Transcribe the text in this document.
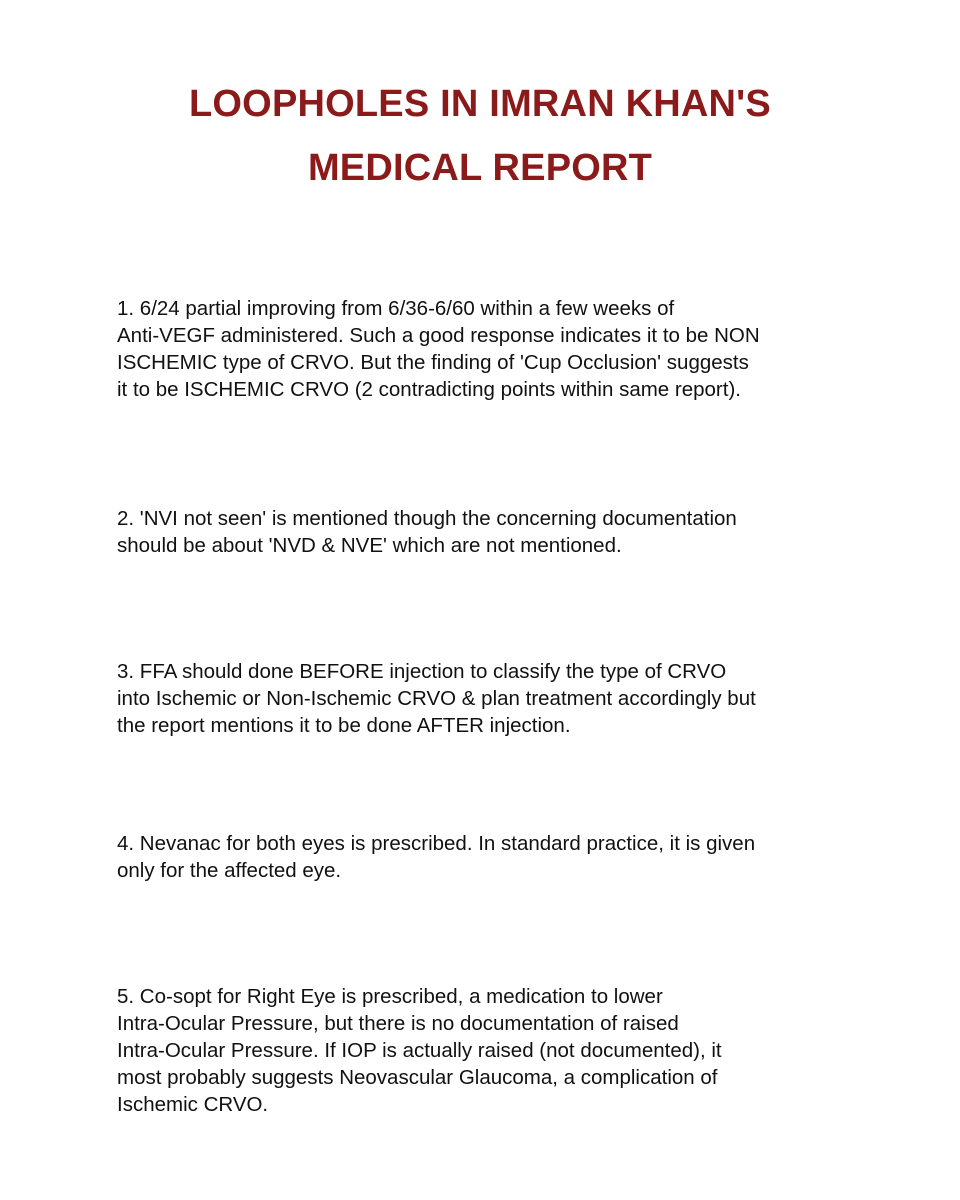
LOOPHOLES IN IMRAN KHAN'S
MEDICAL REPORT

1. 6/24 partial improving from 6/36-6/60 within a few weeks of
Anti-VEGF administered. Such a good response indicates it to be NON
ISCHEMIC type of CRVO. But the finding of 'Cup Occlusion' suggests
it to be ISCHEMIC CRVO (2 contradicting points within same report).

2. 'NVI not seen' is mentioned though the concerning documentation
should be about 'NVD & NVE' which are not mentioned.

3. FFA should done BEFORE injection to classify the type of CRVO
into Ischemic or Non-Ischemic CRVO & plan treatment accordingly but
the report mentions it to be done AFTER injection.

4. Nevanac for both eyes is prescribed. In standard practice, it is given
only for the affected eye.

5. Co-sopt for Right Eye is prescribed, a medication to lower
Intra-Ocular Pressure, but there is no documentation of raised
Intra-Ocular Pressure. If IOP is actually raised (not documented), it
most probably suggests Neovascular Glaucoma, a complication of
Ischemic CRVO.
